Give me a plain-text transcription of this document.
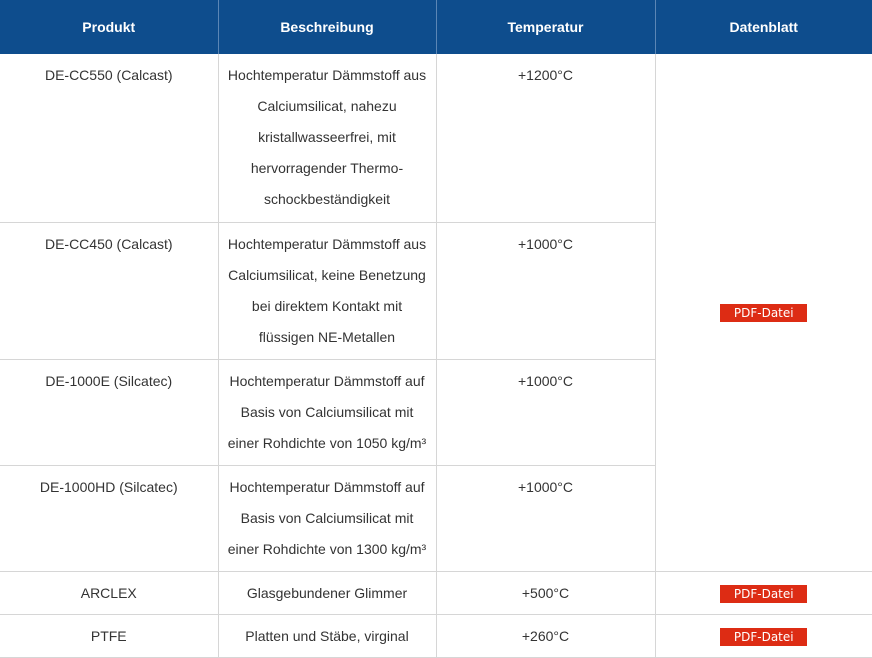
Produkt	Beschreibung	Temperatur	Datenblatt
DE-CC550 (Calcast)	Hochtemperatur Dämmstoff aus Calciumsilicat, nahezu kristallwasseerfrei, mit hervorragender Thermo-schockbeständigkeit	+1200°C	PDF-Datei
DE-CC450 (Calcast)	Hochtemperatur Dämmstoff aus Calciumsilicat, keine Benetzung bei direktem Kontakt mit flüssigen NE-Metallen	+1000°C	
DE-1000E (Silcatec)	Hochtemperatur Dämmstoff auf Basis von Calciumsilicat mit einer Rohdichte von 1050 kg/m³	+1000°C	
DE-1000HD (Silcatec)	Hochtemperatur Dämmstoff auf Basis von Calciumsilicat mit einer Rohdichte von 1300 kg/m³	+1000°C	
ARCLEX	Glasgebundener Glimmer	+500°C	PDF-Datei
PTFE	Platten und Stäbe, virginal	+260°C	PDF-Datei
